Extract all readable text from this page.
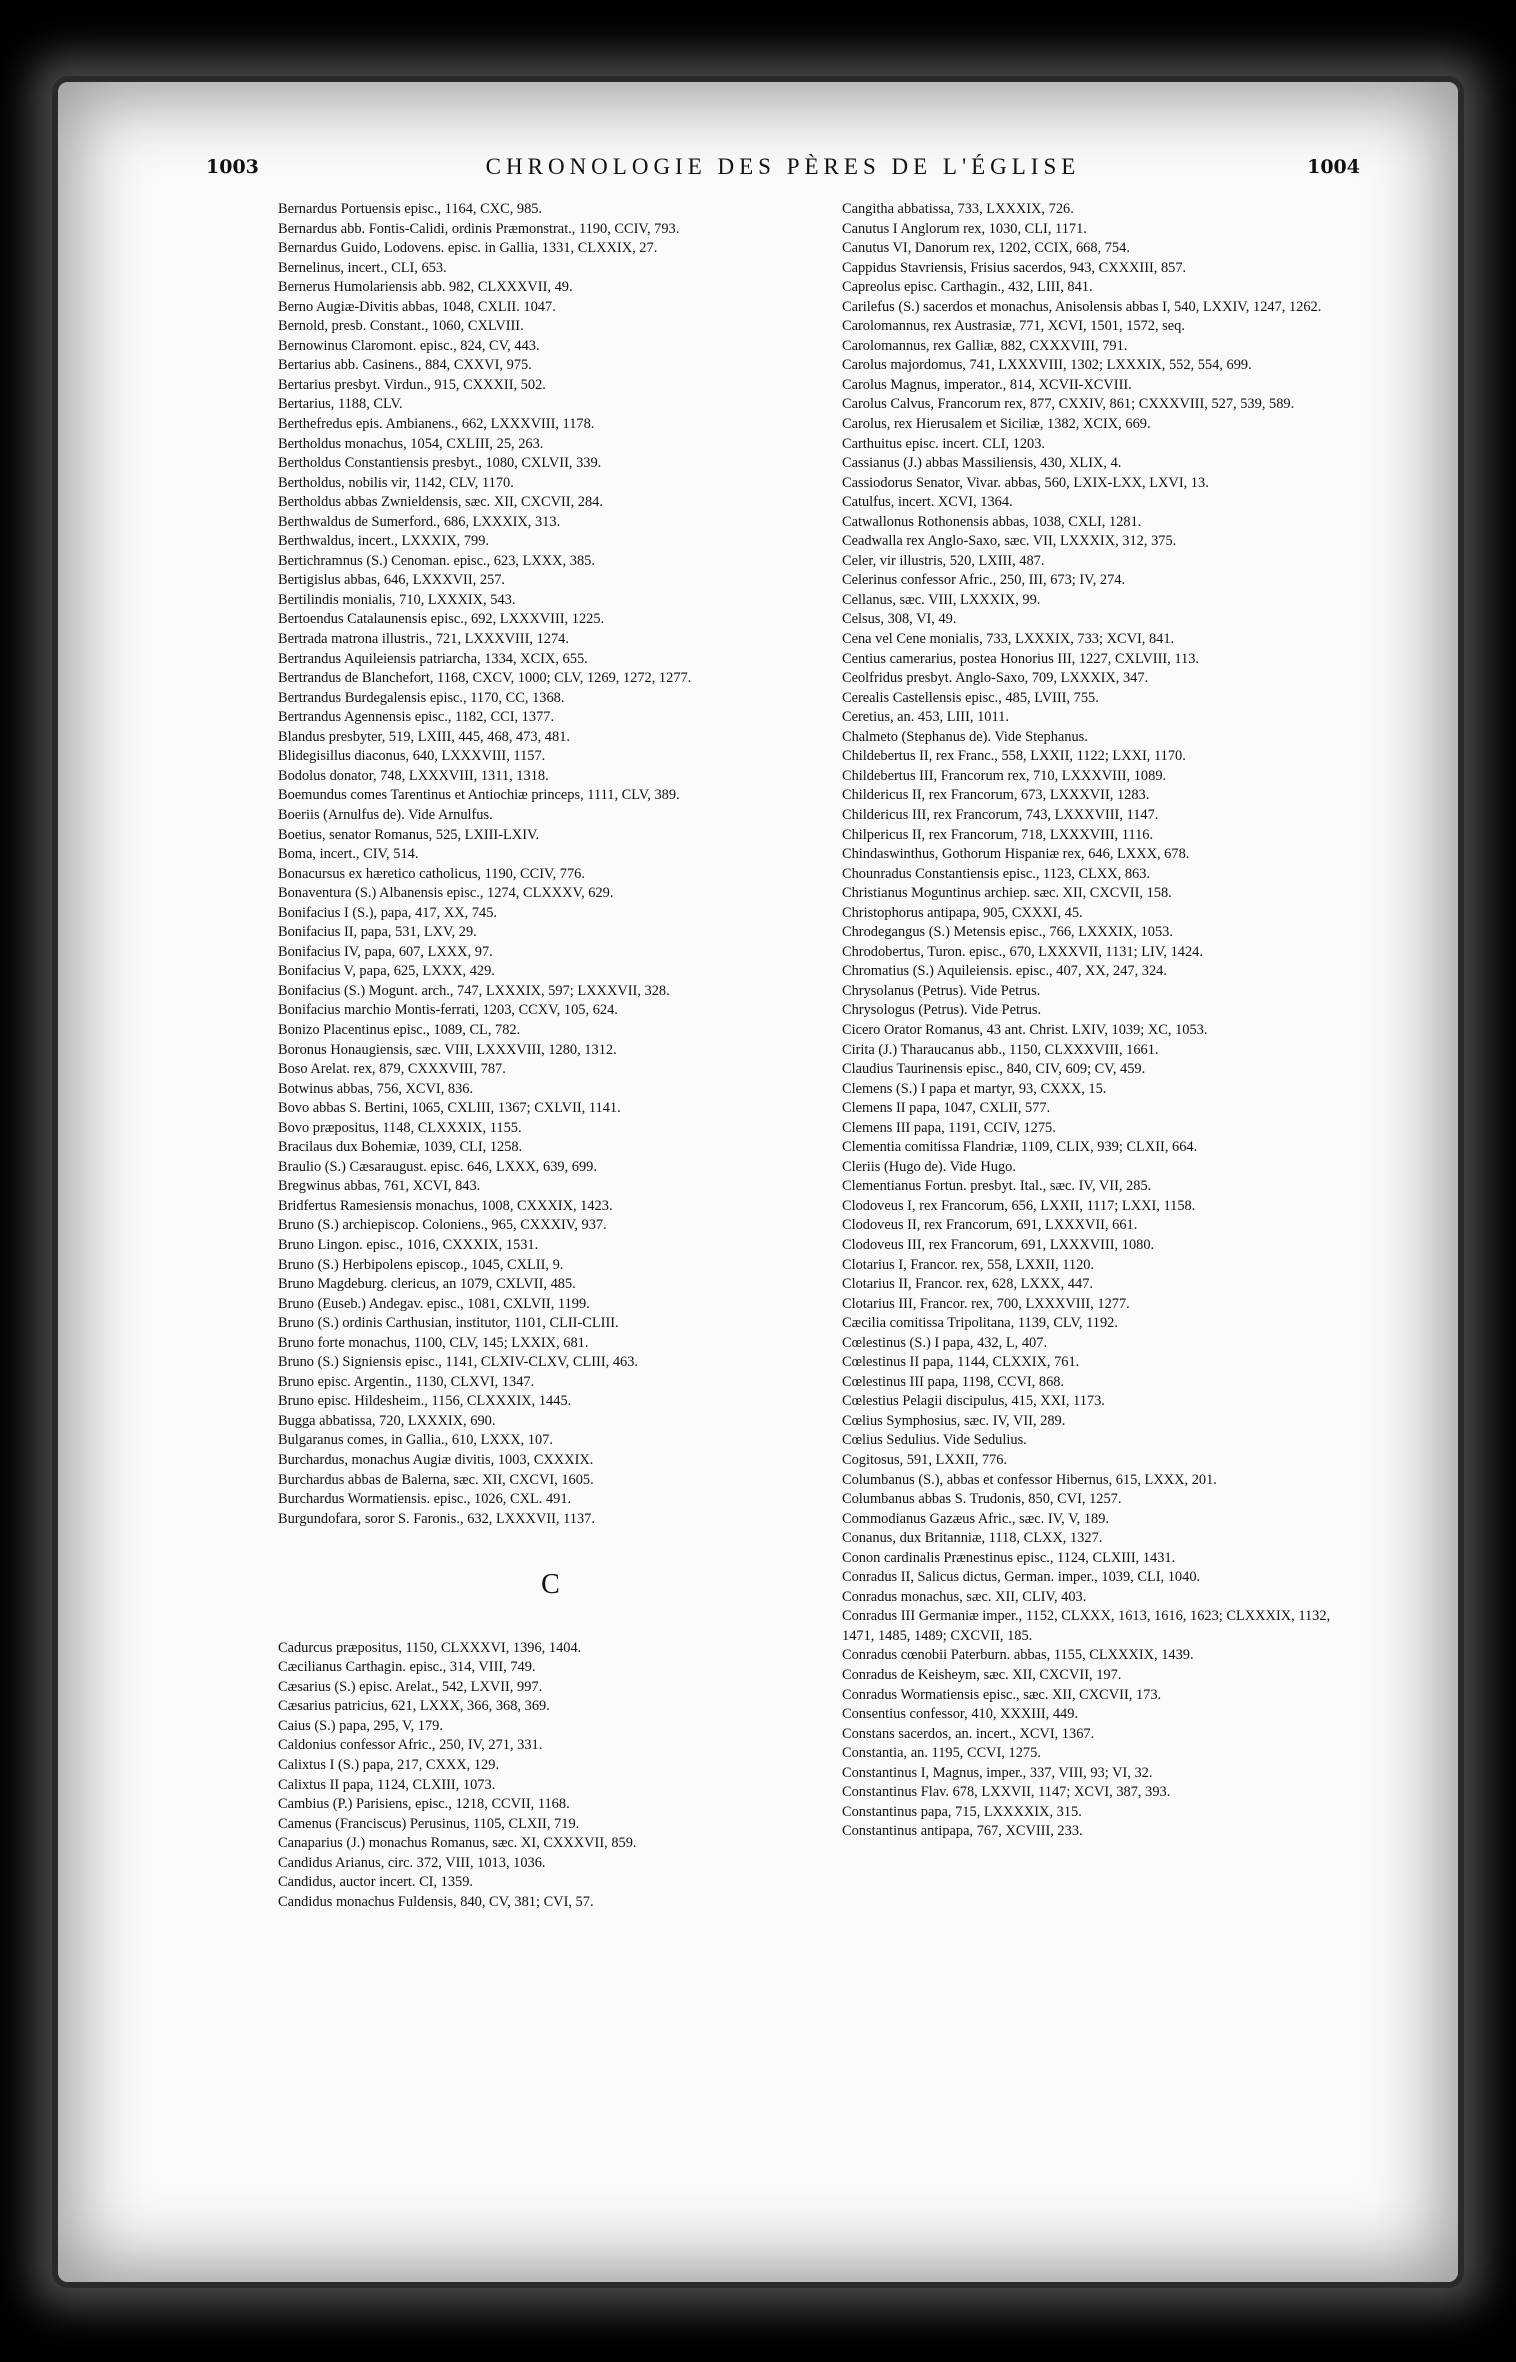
1003	CHRONOLOGIE DES PÈRES DE L'ÉGLISE	1004
Bernardus Portuensis episc., 1164, CXC, 985.
Bernardus abb. Fontis-Calidi, ordinis Præmonstrat., 1190, CCIV, 793.
Bernardus Guido, Lodovens. episc. in Gallia, 1331, CLXXIX, 27.
Bernelinus, incert., CLI, 653.
Bernerus Humolariensis abb. 982, CLXXXVII, 49.
Berno Augiæ-Divitis abbas, 1048, CXLII. 1047.
Bernold, presb. Constant., 1060, CXLVIII.
Bernowinus Claromont. episc., 824, CV, 443.
Bertarius abb. Casinens., 884, CXXVI, 975.
Bertarius presbyt. Virdun., 915, CXXXII, 502.
Bertarius, 1188, CLV.
Berthefredus epis. Ambianens., 662, LXXXVIII, 1178.
Bertholdus monachus, 1054, CXLIII, 25, 263.
Bertholdus Constantiensis presbyt., 1080, CXLVII, 339.
Bertholdus, nobilis vir, 1142, CLV, 1170.
Bertholdus abbas Zwnieldensis, sæc. XII, CXCVII, 284.
Berthwaldus de Sumerford., 686, LXXXIX, 313.
Berthwaldus, incert., LXXXIX, 799.
Bertichramnus (S.) Cenoman. episc., 623, LXXX, 385.
Bertigislus abbas, 646, LXXXVII, 257.
Bertilindis monialis, 710, LXXXIX, 543.
Bertoendus Catalaunensis episc., 692, LXXXVIII, 1225.
Bertrada matrona illustris., 721, LXXXVIII, 1274.
Bertrandus Aquileiensis patriarcha, 1334, XCIX, 655.
Bertrandus de Blanchefort, 1168, CXCV, 1000; CLV, 1269, 1272, 1277.
Bertrandus Burdegalensis episc., 1170, CC, 1368.
Bertrandus Agennensis episc., 1182, CCI, 1377.
Blandus presbyter, 519, LXIII, 445, 468, 473, 481.
Blidegisillus diaconus, 640, LXXXVIII, 1157.
Bodolus donator, 748, LXXXVIII, 1311, 1318.
Boemundus comes Tarentinus et Antiochiæ princeps, 1111, CLV, 389.
Boeriis (Arnulfus de). Vide Arnulfus.
Boetius, senator Romanus, 525, LXIII-LXIV.
Boma, incert., CIV, 514.
Bonacursus ex hæretico catholicus, 1190, CCIV, 776.
Bonaventura (S.) Albanensis episc., 1274, CLXXXV, 629.
Bonifacius I (S.), papa, 417, XX, 745.
Bonifacius II, papa, 531, LXV, 29.
Bonifacius IV, papa, 607, LXXX, 97.
Bonifacius V, papa, 625, LXXX, 429.
Bonifacius (S.) Mogunt. arch., 747, LXXXIX, 597; LXXXVII, 328.
Bonifacius marchio Montis-ferrati, 1203, CCXV, 105, 624.
Bonizo Placentinus episc., 1089, CL, 782.
Boronus Honaugiensis, sæc. VIII, LXXXVIII, 1280, 1312.
Boso Arelat. rex, 879, CXXXVIII, 787.
Botwinus abbas, 756, XCVI, 836.
Bovo abbas S. Bertini, 1065, CXLIII, 1367; CXLVII, 1141.
Bovo præpositus, 1148, CLXXXIX, 1155.
Bracilaus dux Bohemiæ, 1039, CLI, 1258.
Braulio (S.) Cæsaraugust. episc. 646, LXXX, 639, 699.
Bregwinus abbas, 761, XCVI, 843.
Bridfertus Ramesiensis monachus, 1008, CXXXIX, 1423.
Bruno (S.) archiepiscop. Coloniens., 965, CXXXIV, 937.
Bruno Lingon. episc., 1016, CXXXIX, 1531.
Bruno (S.) Herbipolens episcop., 1045, CXLII, 9.
Bruno Magdeburg. clericus, an 1079, CXLVII, 485.
Bruno (Euseb.) Andegav. episc., 1081, CXLVII, 1199.
Bruno (S.) ordinis Carthusian, institutor, 1101, CLII-CLIII.
Bruno forte monachus, 1100, CLV, 145; LXXIX, 681.
Bruno (S.) Signiensis episc., 1141, CLXIV-CLXV, CLIII, 463.
Bruno episc. Argentin., 1130, CLXVI, 1347.
Bruno episc. Hildesheim., 1156, CLXXXIX, 1445.
Bugga abbatissa, 720, LXXXIX, 690.
Bulgaranus comes, in Gallia., 610, LXXX, 107.
Burchardus, monachus Augiæ divitis, 1003, CXXXIX.
Burchardus abbas de Balerna, sæc. XII, CXCVI, 1605.
Burchardus Wormatiensis. episc., 1026, CXL. 491.
Burgundofara, soror S. Faronis., 632, LXXXVII, 1137.
C
Cadurcus præpositus, 1150, CLXXXVI, 1396, 1404.
Cæcilianus Carthagin. episc., 314, VIII, 749.
Cæsarius (S.) episc. Arelat., 542, LXVII, 997.
Cæsarius patricius, 621, LXXX, 366, 368, 369.
Caius (S.) papa, 295, V, 179.
Caldonius confessor Afric., 250, IV, 271, 331.
Calixtus I (S.) papa, 217, CXXX, 129.
Calixtus II papa, 1124, CLXIII, 1073.
Cambius (P.) Parisiens, episc., 1218, CCVII, 1168.
Camenus (Franciscus) Perusinus, 1105, CLXII, 719.
Canaparius (J.) monachus Romanus, sæc. XI, CXXXVII, 859.
Candidus Arianus, circ. 372, VIII, 1013, 1036.
Candidus, auctor incert. CI, 1359.
Candidus monachus Fuldensis, 840, CV, 381; CVI, 57.
Cangitha abbatissa, 733, LXXXIX, 726.
Canutus I Anglorum rex, 1030, CLI, 1171.
Canutus VI, Danorum rex, 1202, CCIX, 668, 754.
Cappidus Stavriensis, Frisius sacerdos, 943, CXXXIII, 857.
Capreolus episc. Carthagin., 432, LIII, 841.
Carilefus (S.) sacerdos et monachus, Anisolensis abbas I, 540, LXXIV, 1247, 1262.
Carolomannus, rex Austrasiæ, 771, XCVI, 1501, 1572, seq.
Carolomannus, rex Galliæ, 882, CXXXVIII, 791.
Carolus majordomus, 741, LXXXVIII, 1302; LXXXIX, 552, 554, 699.
Carolus Magnus, imperator., 814, XCVII-XCVIII.
Carolus Calvus, Francorum rex, 877, CXXIV, 861; CXXXVIII, 527, 539, 589.
Carolus, rex Hierusalem et Siciliæ, 1382, XCIX, 669.
Carthuitus episc. incert. CLI, 1203.
Cassianus (J.) abbas Massiliensis, 430, XLIX, 4.
Cassiodorus Senator, Vivar. abbas, 560, LXIX-LXX, LXVI, 13.
Catulfus, incert. XCVI, 1364.
Catwallonus Rothonensis abbas, 1038, CXLI, 1281.
Ceadwalla rex Anglo-Saxo, sæc. VII, LXXXIX, 312, 375.
Celer, vir illustris, 520, LXIII, 487.
Celerinus confessor Afric., 250, III, 673; IV, 274.
Cellanus, sæc. VIII, LXXXIX, 99.
Celsus, 308, VI, 49.
Cena vel Cene monialis, 733, LXXXIX, 733; XCVI, 841.
Centius camerarius, postea Honorius III, 1227, CXLVIII, 113.
Ceolfridus presbyt. Anglo-Saxo, 709, LXXXIX, 347.
Cerealis Castellensis episc., 485, LVIII, 755.
Ceretius, an. 453, LIII, 1011.
Chalmeto (Stephanus de). Vide Stephanus.
Childebertus II, rex Franc., 558, LXXII, 1122; LXXI, 1170.
Childebertus III, Francorum rex, 710, LXXXVIII, 1089.
Childericus II, rex Francorum, 673, LXXXVII, 1283.
Childericus III, rex Francorum, 743, LXXXVIII, 1147.
Chilpericus II, rex Francorum, 718, LXXXVIII, 1116.
Chindaswinthus, Gothorum Hispaniæ rex, 646, LXXX, 678.
Chounradus Constantiensis episc., 1123, CLXX, 863.
Christianus Moguntinus archiep. sæc. XII, CXCVII, 158.
Christophorus antipapa, 905, CXXXI, 45.
Chrodegangus (S.) Metensis episc., 766, LXXXIX, 1053.
Chrodobertus, Turon. episc., 670, LXXXVII, 1131; LIV, 1424.
Chromatius (S.) Aquileiensis. episc., 407, XX, 247, 324.
Chrysolanus (Petrus). Vide Petrus.
Chrysologus (Petrus). Vide Petrus.
Cicero Orator Romanus, 43 ant. Christ. LXIV, 1039; XC, 1053.
Cirita (J.) Tharaucanus abb., 1150, CLXXXVIII, 1661.
Claudius Taurinensis episc., 840, CIV, 609; CV, 459.
Clemens (S.) I papa et martyr, 93, CXXX, 15.
Clemens II papa, 1047, CXLII, 577.
Clemens III papa, 1191, CCIV, 1275.
Clementia comitissa Flandriæ, 1109, CLIX, 939; CLXII, 664.
Cleriis (Hugo de). Vide Hugo.
Clementianus Fortun. presbyt. Ital., sæc. IV, VII, 285.
Clodoveus I, rex Francorum, 656, LXXII, 1117; LXXI, 1158.
Clodoveus II, rex Francorum, 691, LXXXVII, 661.
Clodoveus III, rex Francorum, 691, LXXXVIII, 1080.
Clotarius I, Francor. rex, 558, LXXII, 1120.
Clotarius II, Francor. rex, 628, LXXX, 447.
Clotarius III, Francor. rex, 700, LXXXVIII, 1277.
Cæcilia comitissa Tripolitana, 1139, CLV, 1192.
Cœlestinus (S.) I papa, 432, L, 407.
Cœlestinus II papa, 1144, CLXXIX, 761.
Cœlestinus III papa, 1198, CCVI, 868.
Cœlestius Pelagii discipulus, 415, XXI, 1173.
Cœlius Symphosius, sæc. IV, VII, 289.
Cœlius Sedulius. Vide Sedulius.
Cogitosus, 591, LXXII, 776.
Columbanus (S.), abbas et confessor Hibernus, 615, LXXX, 201.
Columbanus abbas S. Trudonis, 850, CVI, 1257.
Commodianus Gazæus Afric., sæc. IV, V, 189.
Conanus, dux Britanniæ, 1118, CLXX, 1327.
Conon cardinalis Prænestinus episc., 1124, CLXIII, 1431.
Conradus II, Salicus dictus, German. imper., 1039, CLI, 1040.
Conradus monachus, sæc. XII, CLIV, 403.
Conradus III Germaniæ imper., 1152, CLXXX, 1613, 1616, 1623; CLXXXIX, 1132, 1471, 1485, 1489; CXCVII, 185.
Conradus cœnobii Paterburn. abbas, 1155, CLXXXIX, 1439.
Conradus de Keisheym, sæc. XII, CXCVII, 197.
Conradus Wormatiensis episc., sæc. XII, CXCVII, 173.
Consentius confessor, 410, XXXIII, 449.
Constans sacerdos, an. incert., XCVI, 1367.
Constantia, an. 1195, CCVI, 1275.
Constantinus I, Magnus, imper., 337, VIII, 93; VI, 32.
Constantinus Flav. 678, LXXVII, 1147; XCVI, 387, 393.
Constantinus papa, 715, LXXXXIX, 315.
Constantinus antipapa, 767, XCVIII, 233.
